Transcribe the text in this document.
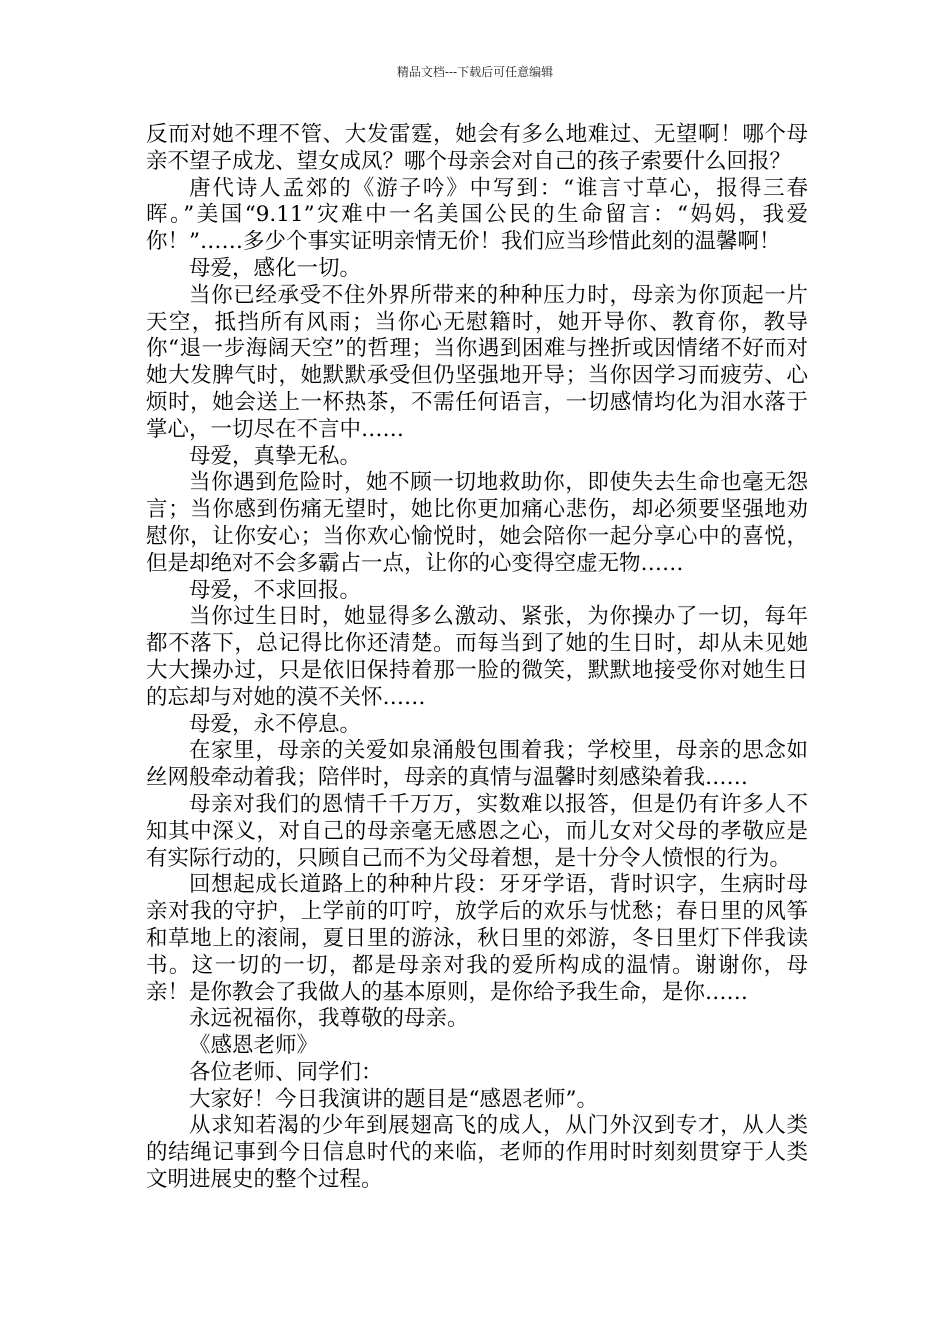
精品文档---下载后可任意编辑

反而对她不理不管、大发雷霆，她会有多么地难过、无望啊！哪个母亲不望子成龙、望女成凤？哪个母亲会对自己的孩子索要什么回报？

唐代诗人孟郊的《游子吟》中写到：“谁言寸草心，报得三春晖。”美国“9.11”灾难中一名美国公民的生命留言：“妈妈，我爱你！”……多少个事实证明亲情无价！我们应当珍惜此刻的温馨啊！

母爱，感化一切。

当你已经承受不住外界所带来的种种压力时，母亲为你顶起一片天空，抵挡所有风雨；当你心无慰籍时，她开导你、教育你，教导你“退一步海阔天空”的哲理；当你遇到困难与挫折或因情绪不好而对她大发脾气时，她默默承受但仍坚强地开导；当你因学习而疲劳、心烦时，她会送上一杯热茶，不需任何语言，一切感情均化为泪水落于掌心，一切尽在不言中……

母爱，真挚无私。

当你遇到危险时，她不顾一切地救助你，即使失去生命也毫无怨言；当你感到伤痛无望时，她比你更加痛心悲伤，却必须要坚强地劝慰你，让你安心；当你欢心愉悦时，她会陪你一起分享心中的喜悦，但是却绝对不会多霸占一点，让你的心变得空虚无物……

母爱，不求回报。

当你过生日时，她显得多么激动、紧张，为你操办了一切，每年都不落下，总记得比你还清楚。而每当到了她的生日时，却从未见她大大操办过，只是依旧保持着那一脸的微笑，默默地接受你对她生日的忘却与对她的漠不关怀……

母爱，永不停息。

在家里，母亲的关爱如泉涌般包围着我；学校里，母亲的思念如丝网般牵动着我；陪伴时，母亲的真情与温馨时刻感染着我……

母亲对我们的恩情千千万万，实数难以报答，但是仍有许多人不知其中深义，对自己的母亲毫无感恩之心，而儿女对父母的孝敬应是有实际行动的，只顾自己而不为父母着想，是十分令人愤恨的行为。

回想起成长道路上的种种片段：牙牙学语，背时识字，生病时母亲对我的守护，上学前的叮咛，放学后的欢乐与忧愁；春日里的风筝和草地上的滚闹，夏日里的游泳，秋日里的郊游，冬日里灯下伴我读书。这一切的一切，都是母亲对我的爱所构成的温情。谢谢你，母亲！是你教会了我做人的基本原则，是你给予我生命，是你……

永远祝福你，我尊敬的母亲。

《感恩老师》

各位老师、同学们：

大家好！今日我演讲的题目是“感恩老师”。

从求知若渴的少年到展翅高飞的成人，从门外汉到专才，从人类的结绳记事到今日信息时代的来临，老师的作用时时刻刻贯穿于人类文明进展史的整个过程。
